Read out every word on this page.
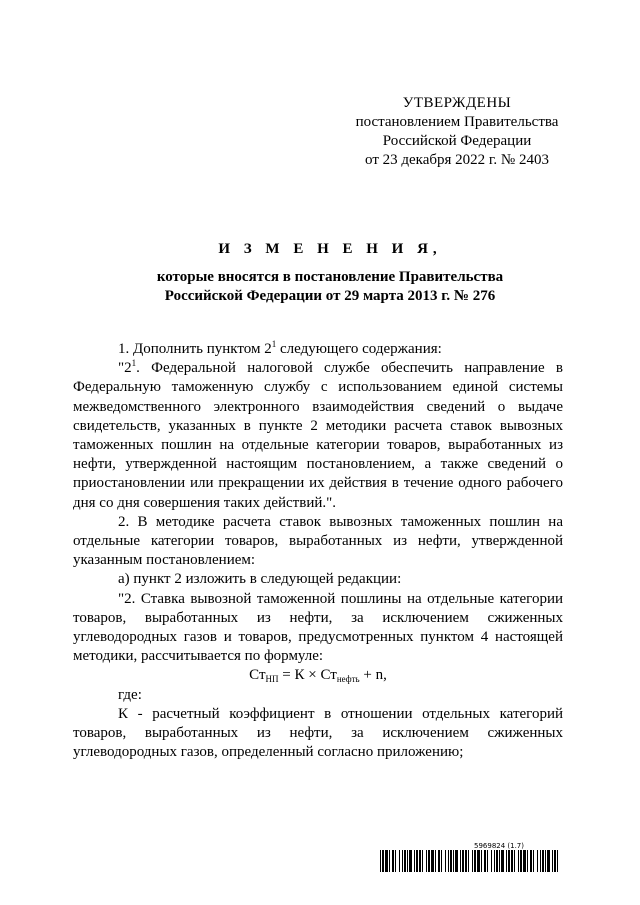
УТВЕРЖДЕНЫ
постановлением Правительства
Российской Федерации
от 23 декабря 2022 г. № 2403
И З М Е Н Е Н И Я,
которые вносятся в постановление Правительства
Российской Федерации от 29 марта 2013 г. № 276

1. Дополнить пунктом $2^1$ следующего содержания:

"$2^1$. Федеральной налоговой службе обеспечить направление в Федеральную таможенную службу с использованием единой системы межведомственного электронного взаимодействия сведений о выдаче свидетельств, указанных в пункте 2 методики расчета ставок вывозных таможенных пошлин на отдельные категории товаров, выработанных из нефти, утвержденной настоящим постановлением, а также сведений о приостановлении или прекращении их действия в течение одного рабочего дня со дня совершения таких действий.".

2. В методике расчета ставок вывозных таможенных пошлин на отдельные категории товаров, выработанных из нефти, утвержденной указанным постановлением:

а) пункт 2 изложить в следующей редакции:

"2. Ставка вывозной таможенной пошлины на отдельные категории товаров, выработанных из нефти, за исключением сжиженных углеводородных газов и товаров, предусмотренных пунктом 4 настоящей методики, рассчитывается по формуле:

$Ст_{НП} = К \times Ст_{нефть} + n$,

где:

К - расчетный коэффициент в отношении отдельных категорий товаров, выработанных из нефти, за исключением сжиженных углеводородных газов, определенный согласно приложению;

5969824 (1.7)
